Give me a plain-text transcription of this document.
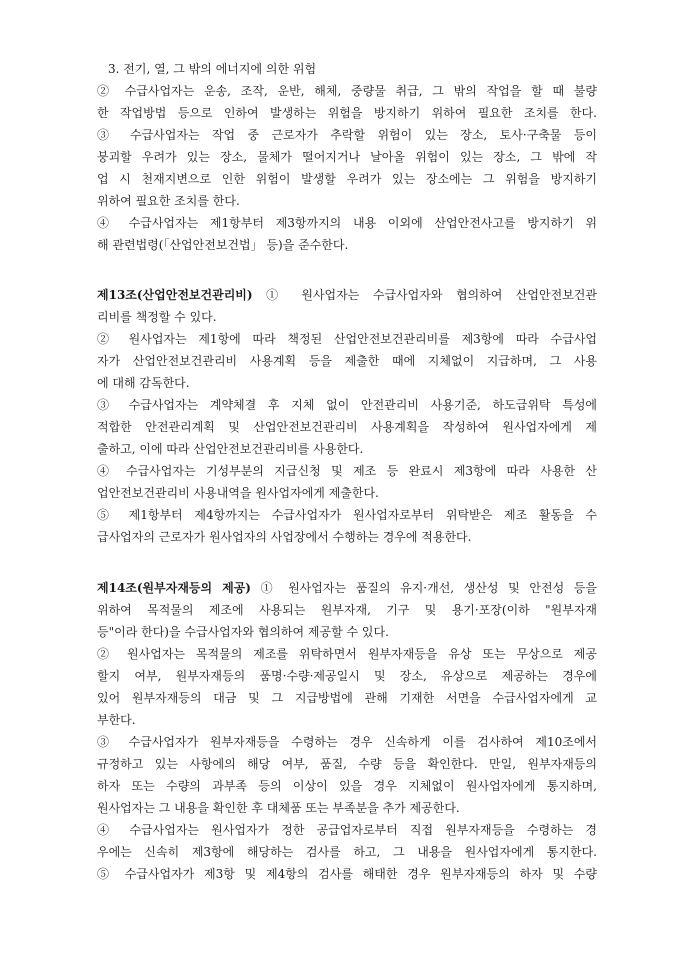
3. 전기, 열, 그 밖의 에너지에 의한 위험
② 수급사업자는 운송, 조작, 운반, 해체, 중량물 취급, 그 밖의 작업을 할 때 불량
한 작업방법 등으로 인하여 발생하는 위험을 방지하기 위하여 필요한 조치를 한다.
③ 수급사업자는 작업 중 근로자가 추락할 위험이 있는 장소, 토사·구축물 등이
붕괴할 우려가 있는 장소, 물체가 떨어지거나 날아올 위험이 있는 장소, 그 밖에 작
업 시 천재지변으로 인한 위험이 발생할 우려가 있는 장소에는 그 위험을 방지하기
위하여 필요한 조치를 한다.
④ 수급사업자는 제1항부터 제3항까지의 내용 이외에 산업안전사고를 방지하기 위
해 관련법령(「산업안전보건법」 등)을 준수한다.
제13조(산업안전보건관리비) ① 원사업자는 수급사업자와 협의하여 산업안전보건관
리비를 책정할 수 있다.
② 원사업자는 제1항에 따라 책정된 산업안전보건관리비를 제3항에 따라 수급사업
자가 산업안전보건관리비 사용계획 등을 제출한 때에 지체없이 지급하며, 그 사용
에 대해 감독한다.
③ 수급사업자는 계약체결 후 지체 없이 안전관리비 사용기준, 하도급위탁 특성에
적합한 안전관리계획 및 산업안전보건관리비 사용계획을 작성하여 원사업자에게 제
출하고, 이에 따라 산업안전보건관리비를 사용한다.
④ 수급사업자는 기성부분의 지급신청 및 제조 등 완료시 제3항에 따라 사용한 산
업안전보건관리비 사용내역을 원사업자에게 제출한다.
⑤ 제1항부터 제4항까지는 수급사업자가 원사업자로부터 위탁받은 제조 활동을 수
급사업자의 근로자가 원사업자의 사업장에서 수행하는 경우에 적용한다.
제14조(원부자재등의 제공) ① 원사업자는 품질의 유지·개선, 생산성 및 안전성 등을
위하여 목적물의 제조에 사용되는 원부자재, 기구 및 용기·포장(이하 "원부자재
등"이라 한다)을 수급사업자와 협의하여 제공할 수 있다.
② 원사업자는 목적물의 제조를 위탁하면서 원부자재등을 유상 또는 무상으로 제공
할지 여부, 원부자재등의 품명·수량·제공일시 및 장소, 유상으로 제공하는 경우에
있어 원부자재등의 대금 및 그 지급방법에 관해 기재한 서면을 수급사업자에게 교
부한다.
③ 수급사업자가 원부자재등을 수령하는 경우 신속하게 이를 검사하여 제10조에서
규정하고 있는 사항에의 해당 여부, 품질, 수량 등을 확인한다. 만일, 원부자재등의
하자 또는 수량의 과부족 등의 이상이 있을 경우 지체없이 원사업자에게 통지하며,
원사업자는 그 내용을 확인한 후 대체품 또는 부족분을 추가 제공한다.
④ 수급사업자는 원사업자가 정한 공급업자로부터 직접 원부자재등을 수령하는 경
우에는 신속히 제3항에 해당하는 검사를 하고, 그 내용을 원사업자에게 통지한다.
⑤ 수급사업자가 제3항 및 제4항의 검사를 해태한 경우 원부자재등의 하자 및 수량
